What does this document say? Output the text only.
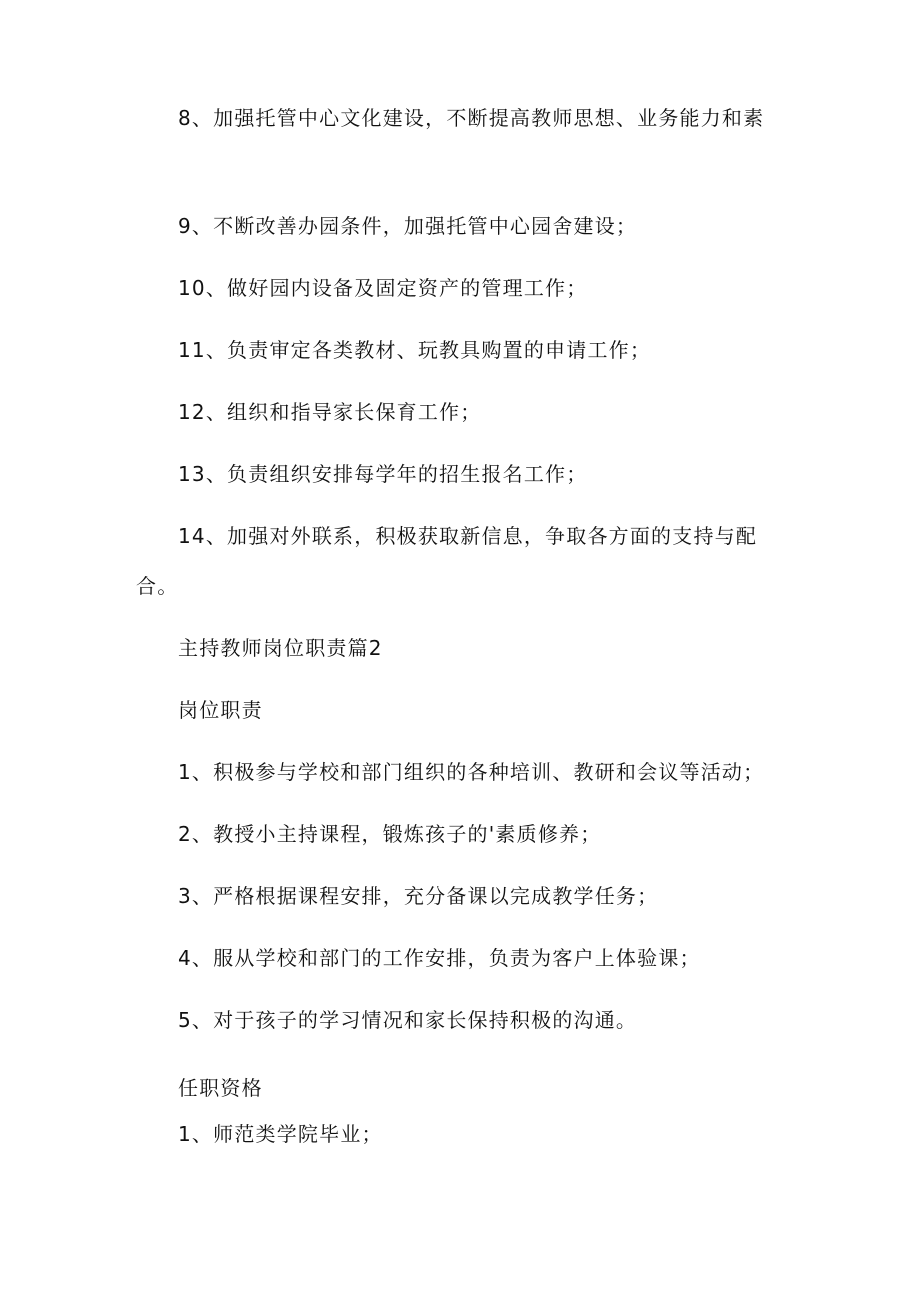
8、加强托管中心文化建设，不断提高教师思想、业务能力和素
9、不断改善办园条件，加强托管中心园舍建设；
10、做好园内设备及固定资产的管理工作；
11、负责审定各类教材、玩教具购置的申请工作；
12、组织和指导家长保育工作；
13、负责组织安排每学年的招生报名工作；
14、加强对外联系，积极获取新信息，争取各方面的支持与配
合。
主持教师岗位职责篇2
岗位职责
1、积极参与学校和部门组织的各种培训、教研和会议等活动；
2、教授小主持课程，锻炼孩子的'素质修养；
3、严格根据课程安排，充分备课以完成教学任务；
4、服从学校和部门的工作安排，负责为客户上体验课；
5、对于孩子的学习情况和家长保持积极的沟通。
任职资格
1、师范类学院毕业；
